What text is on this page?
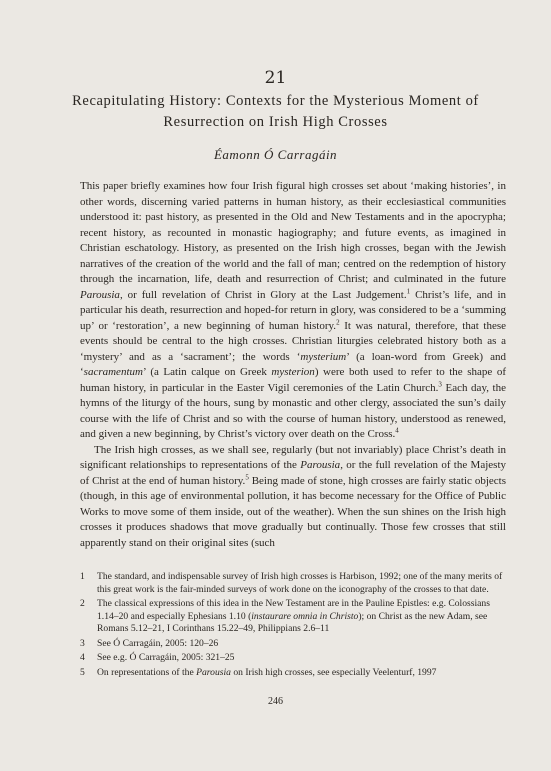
21
Recapitulating History: Contexts for the Mysterious Moment of Resurrection on Irish High Crosses
Éamonn Ó Carragáin

This paper briefly examines how four Irish figural high crosses set about ‘making histories’, in other words, discerning varied patterns in human history, as their ecclesiastical communities understood it: past history, as presented in the Old and New Testaments and in the apocrypha; recent history, as recounted in monastic hagiography; and future events, as imagined in Christian eschatology. History, as presented on the Irish high crosses, began with the Jewish narratives of the creation of the world and the fall of man; centred on the redemption of history through the incarnation, life, death and resurrection of Christ; and culminated in the future Parousia, or full revelation of Christ in Glory at the Last Judgement.$^1$ Christ’s life, and in particular his death, resurrection and hoped-for return in glory, was considered to be a ‘summing up’ or ‘restoration’, a new beginning of human history.$^2$ It was natural, therefore, that these events should be central to the high crosses. Christian liturgies celebrated history both as a ‘mystery’ and as a ‘sacrament’; the words ‘mysterium’ (a loan-word from Greek) and ‘sacramentum’ (a Latin calque on Greek mysterion) were both used to refer to the shape of human history, in particular in the Easter Vigil ceremonies of the Latin Church.$^3$ Each day, the hymns of the liturgy of the hours, sung by monastic and other clergy, associated the sun’s daily course with the life of Christ and so with the course of human history, understood as renewed, and given a new beginning, by Christ’s victory over death on the Cross.$^4$

The Irish high crosses, as we shall see, regularly (but not invariably) place Christ’s death in significant relationships to representations of the Parousia, or the full revelation of the Majesty of Christ at the end of human history.$^5$ Being made of stone, high crosses are fairly static objects (though, in this age of environmental pollution, it has become necessary for the Office of Public Works to move some of them inside, out of the weather). When the sun shines on the Irish high crosses it produces shadows that move gradually but continually. Those few crosses that still apparently stand on their original sites (such

1	The standard, and indispensable survey of Irish high crosses is Harbison, 1992; one of the many merits of this great work is the fair-minded surveys of work done on the iconography of the crosses to that date.
2	The classical expressions of this idea in the New Testament are in the Pauline Epistles: e.g. Colossians 1.14–20 and especially Ephesians 1.10 (instaurare omnia in Christo); on Christ as the new Adam, see Romans 5.12–21, I Corinthans 15.22–49, Philippians 2.6–11
3	See Ó Carragáin, 2005: 120–26
4	See e.g. Ó Carragáin, 2005: 321–25
5	On representations of the Parousia on Irish high crosses, see especially Veelenturf, 1997
246
